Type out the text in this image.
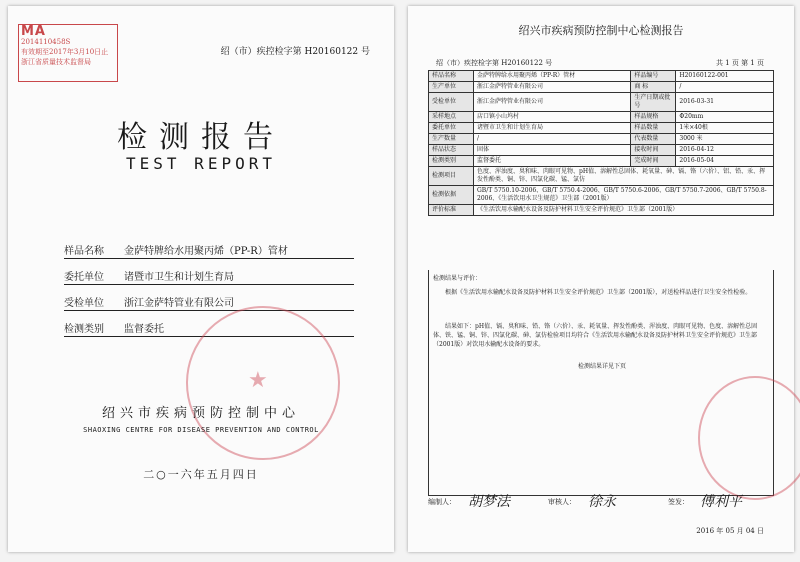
MA
2014110458S
有效期至2017年3月10日止
浙江省质量技术监督局
绍（市）疾控检字第 H20160122 号
检测报告
TEST REPORT
样品名称 金萨特牌给水用聚丙烯（PP-R）管材
委托单位 诸暨市卫生和计划生育局
受检单位 浙江金萨特管业有限公司
检测类别 监督委托
★
绍兴市疾病预防控制中心
SHAOXING CENTRE FOR DISEASE PREVENTION AND CONTROL
二○一六年五月四日
绍兴市疾病预防控制中心检测报告
绍（市）疾控检字第 H20160122 号	共 1 页 第 1 页
样品名称	金萨特牌给水用聚丙烯（PP-R）管材	样品编号	H20160122-001
生产单位	浙江金萨特管业有限公司	商 标	/
受检单位	浙江金萨特管业有限公司	生产日期或批号	2016-03-31
采样地点	店口镇小山坞村	样品规格	Φ20mm
委托单位	诸暨市卫生和计划生育局	样品数量	1米×40根
生产数量	/	代表数量	3000 米
样品状态	固体	接收时间	2016-04-12
检测类别	监督委托	完成时间	2016-05-04
检测项目	色度、浑浊度、臭和味、肉眼可见物、pH值、溶解性总固体、耗氧量、砷、镉、铬（六价）、铝、铅、汞、挥发性酚类、铜、锌、四氯化碳、锰、氯仿		
检测依据	GB/T 5750.10-2006、GB/T 5750.4-2006、GB/T 5750.6-2006、GB/T 5750.7-2006、GB/T 5750.8-2006、《生活饮用水卫生规范》卫生部（2001版）		
评价标准	《生活饮用水输配水设备及防护材料卫生安全评价规范》卫生部（2001版）		
检测结果与评价：
根据《生活饮用水输配水设备及防护材料卫生安全评价规范》卫生部（2001版），对送检样品进行卫生安全性检验。
结果如下：pH值、镉、臭和味、铅、铬（六价）、汞、耗氧量、挥发性酚类、浑浊度、肉眼可见物、色度、溶解性总固体、铁、锰、铜、锌、四氯化碳、砷、氯仿检验项目均符合《生活饮用水输配水设备及防护材料卫生安全评价规范》卫生部（2001版）对饮用水输配水设备的要求。
检测结果详见下页
编制人： 胡梦法	审核人： 徐永	签发： 傅利平
2016 年 05 月 04 日
